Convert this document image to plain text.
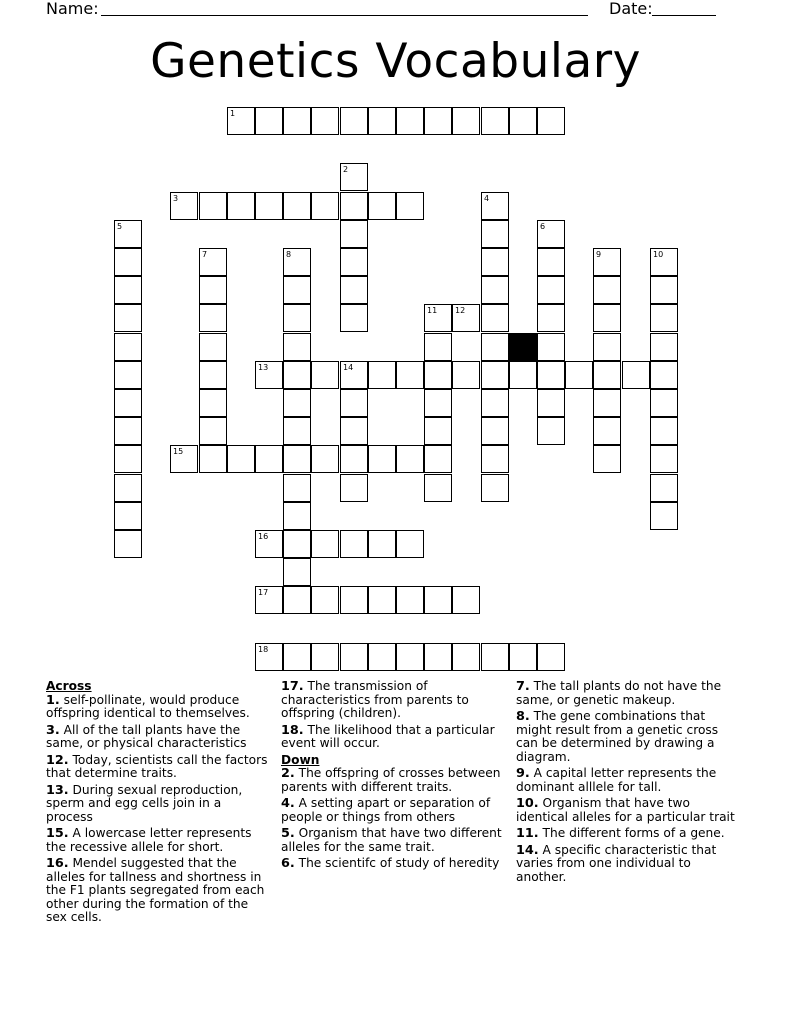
Name:	Date:
Genetics Vocabulary
1
2
3	4
5	6
7	8	9	10
11 12
13	14
15
16
17
18
Across
1. self-pollinate, would produce offspring identical to themselves.
3. All of the tall plants have the same, or physical characteristics
12. Today, scientists call the factors that determine traits.
13. During sexual reproduction, sperm and egg cells join in a process
15. A lowercase letter represents the recessive allele for short.
16. Mendel suggested that the alleles for tallness and shortness in the F1 plants segregated from each other during the formation of the sex cells.
17. The transmission of characteristics from parents to offspring (children).
18. The likelihood that a particular event will occur.
Down
2. The offspring of crosses between parents with different traits.
4. A setting apart or separation of people or things from others
5. Organism that have two different alleles for the same trait.
6. The scientifc of study of heredity
7. The tall plants do not have the same, or genetic makeup.
8. The gene combinations that might result from a genetic cross can be determined by drawing a diagram.
9. A capital letter represents the dominant alllele for tall.
10. Organism that have two identical alleles for a particular trait
11. The different forms of a gene.
14. A specific characteristic that varies from one individual to another.
